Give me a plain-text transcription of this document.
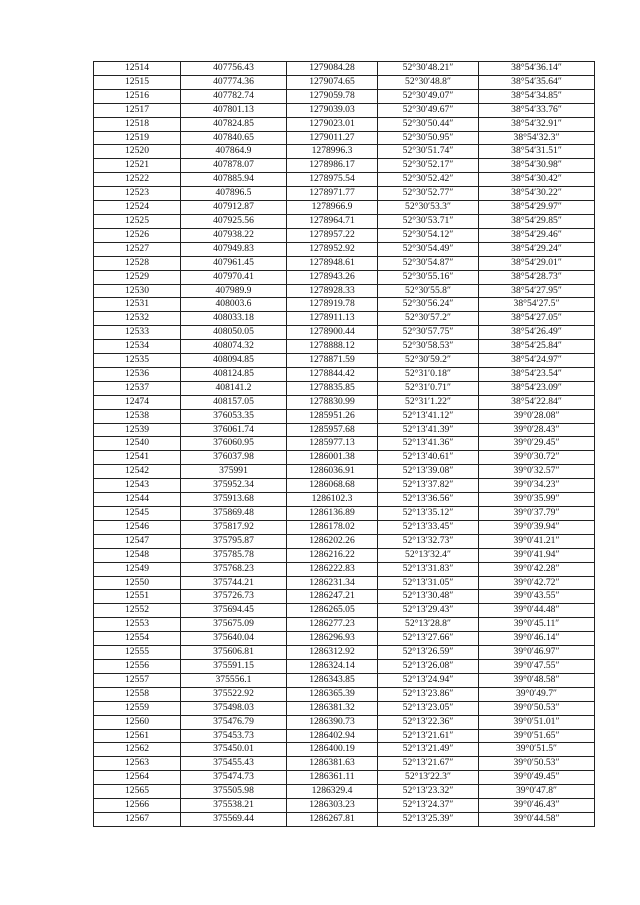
12514	407756.43	1279084.28	52°30′48.21″	38°54′36.14″
12515	407774.36	1279074.65	52°30′48.8″	38°54′35.64″
12516	407782.74	1279059.78	52°30′49.07″	38°54′34.85″
12517	407801.13	1279039.03	52°30′49.67″	38°54′33.76″
12518	407824.85	1279023.01	52°30′50.44″	38°54′32.91″
12519	407840.65	1279011.27	52°30′50.95″	38°54′32.3″
12520	407864.9	1278996.3	52°30′51.74″	38°54′31.51″
12521	407878.07	1278986.17	52°30′52.17″	38°54′30.98″
12522	407885.94	1278975.54	52°30′52.42″	38°54′30.42″
12523	407896.5	1278971.77	52°30′52.77″	38°54′30.22″
12524	407912.87	1278966.9	52°30′53.3″	38°54′29.97″
12525	407925.56	1278964.71	52°30′53.71″	38°54′29.85″
12526	407938.22	1278957.22	52°30′54.12″	38°54′29.46″
12527	407949.83	1278952.92	52°30′54.49″	38°54′29.24″
12528	407961.45	1278948.61	52°30′54.87″	38°54′29.01″
12529	407970.41	1278943.26	52°30′55.16″	38°54′28.73″
12530	407989.9	1278928.33	52°30′55.8″	38°54′27.95″
12531	408003.6	1278919.78	52°30′56.24″	38°54′27.5″
12532	408033.18	1278911.13	52°30′57.2″	38°54′27.05″
12533	408050.05	1278900.44	52°30′57.75″	38°54′26.49″
12534	408074.32	1278888.12	52°30′58.53″	38°54′25.84″
12535	408094.85	1278871.59	52°30′59.2″	38°54′24.97″
12536	408124.85	1278844.42	52°31′0.18″	38°54′23.54″
12537	408141.2	1278835.85	52°31′0.71″	38°54′23.09″
12474	408157.05	1278830.99	52°31′1.22″	38°54′22.84″
12538	376053.35	1285951.26	52°13′41.12″	39°0′28.08″
12539	376061.74	1285957.68	52°13′41.39″	39°0′28.43″
12540	376060.95	1285977.13	52°13′41.36″	39°0′29.45″
12541	376037.98	1286001.38	52°13′40.61″	39°0′30.72″
12542	375991	1286036.91	52°13′39.08″	39°0′32.57″
12543	375952.34	1286068.68	52°13′37.82″	39°0′34.23″
12544	375913.68	1286102.3	52°13′36.56″	39°0′35.99″
12545	375869.48	1286136.89	52°13′35.12″	39°0′37.79″
12546	375817.92	1286178.02	52°13′33.45″	39°0′39.94″
12547	375795.87	1286202.26	52°13′32.73″	39°0′41.21″
12548	375785.78	1286216.22	52°13′32.4″	39°0′41.94″
12549	375768.23	1286222.83	52°13′31.83″	39°0′42.28″
12550	375744.21	1286231.34	52°13′31.05″	39°0′42.72″
12551	375726.73	1286247.21	52°13′30.48″	39°0′43.55″
12552	375694.45	1286265.05	52°13′29.43″	39°0′44.48″
12553	375675.09	1286277.23	52°13′28.8″	39°0′45.11″
12554	375640.04	1286296.93	52°13′27.66″	39°0′46.14″
12555	375606.81	1286312.92	52°13′26.59″	39°0′46.97″
12556	375591.15	1286324.14	52°13′26.08″	39°0′47.55″
12557	375556.1	1286343.85	52°13′24.94″	39°0′48.58″
12558	375522.92	1286365.39	52°13′23.86″	39°0′49.7″
12559	375498.03	1286381.32	52°13′23.05″	39°0′50.53″
12560	375476.79	1286390.73	52°13′22.36″	39°0′51.01″
12561	375453.73	1286402.94	52°13′21.61″	39°0′51.65″
12562	375450.01	1286400.19	52°13′21.49″	39°0′51.5″
12563	375455.43	1286381.63	52°13′21.67″	39°0′50.53″
12564	375474.73	1286361.11	52°13′22.3″	39°0′49.45″
12565	375505.98	1286329.4	52°13′23.32″	39°0′47.8″
12566	375538.21	1286303.23	52°13′24.37″	39°0′46.43″
12567	375569.44	1286267.81	52°13′25.39″	39°0′44.58″
